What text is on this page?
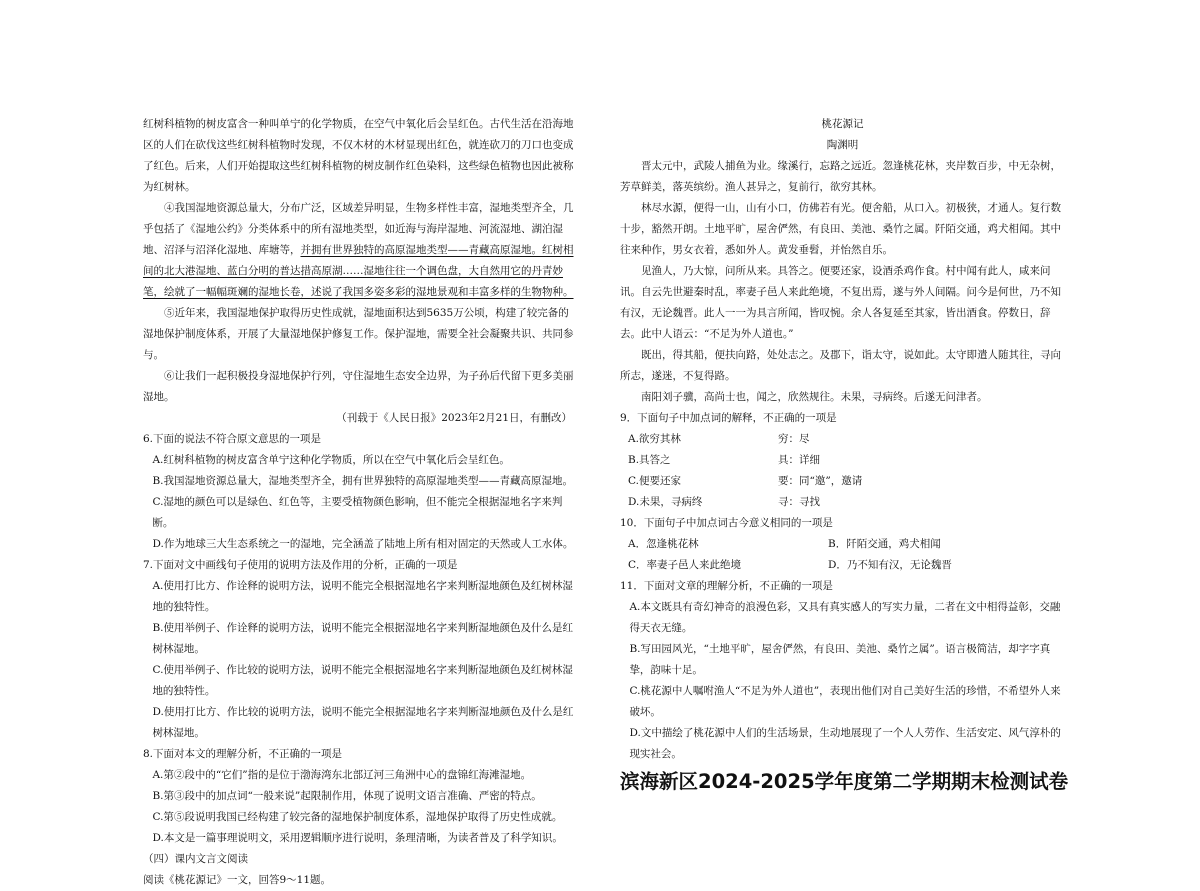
红树科植物的树皮富含一种叫单宁的化学物质，在空气中氧化后会呈红色。古代生活在沿海地区的人们在砍伐这些红树科植物时发现，不仅木材的木材显现出红色，就连砍刀的刀口也变成了红色。后来，人们开始提取这些红树科植物的树皮制作红色染料，这些绿色植物也因此被称为红树林。

④我国湿地资源总量大，分布广泛，区域差异明显，生物多样性丰富，湿地类型齐全，几乎包括了《湿地公约》分类体系中的所有湿地类型，如近海与海岸湿地、河流湿地、湖泊湿地、沼泽与沼泽化湿地、库塘等，并拥有世界独特的高原湿地类型——青藏高原湿地。红树相间的北大港湿地、蓝白分明的普达措高原湖……湿地往往一个调色盘，大自然用它的丹青妙笔，绘就了一幅幅斑斓的湿地长卷，述说了我国多姿多彩的湿地景观和丰富多样的生物物种。

⑤近年来，我国湿地保护取得历史性成就，湿地面积达到5635万公顷，构建了较完备的湿地保护制度体系，开展了大量湿地保护修复工作。保护湿地，需要全社会凝聚共识、共同参与。

⑥让我们一起积极投身湿地保护行列，守住湿地生态安全边界，为子孙后代留下更多美丽湿地。

（刊载于《人民日报》2023年2月21日，有删改）

6.下面的说法不符合原文意思的一项是

A.红树科植物的树皮富含单宁这种化学物质，所以在空气中氧化后会呈红色。

B.我国湿地资源总量大，湿地类型齐全，拥有世界独特的高原湿地类型——青藏高原湿地。

C.湿地的颜色可以是绿色、红色等，主要受植物颜色影响，但不能完全根据湿地名字来判断。

D.作为地球三大生态系统之一的湿地，完全涵盖了陆地上所有相对固定的天然或人工水体。

7.下面对文中画线句子使用的说明方法及作用的分析，正确的一项是

A.使用打比方、作诠释的说明方法，说明不能完全根据湿地名字来判断湿地颜色及红树林湿地的独特性。

B.使用举例子、作诠释的说明方法，说明不能完全根据湿地名字来判断湿地颜色及什么是红树林湿地。

C.使用举例子、作比较的说明方法，说明不能完全根据湿地名字来判断湿地颜色及红树林湿地的独特性。

D.使用打比方、作比较的说明方法，说明不能完全根据湿地名字来判断湿地颜色及什么是红树林湿地。

8.下面对本文的理解分析，不正确的一项是

A.第②段中的“它们”指的是位于渤海湾东北部辽河三角洲中心的盘锦红海滩湿地。

B.第③段中的加点词“一般来说”起限制作用，体现了说明文语言准确、严密的特点。

C.第⑤段说明我国已经构建了较完备的湿地保护制度体系，湿地保护取得了历史性成就。

D.本文是一篇事理说明文，采用逻辑顺序进行说明，条理清晰，为读者普及了科学知识。

（四）课内文言文阅读

阅读《桃花源记》一文，回答9～11题。

桃花源记

陶渊明

晋太元中，武陵人捕鱼为业。缘溪行，忘路之远近。忽逢桃花林，夹岸数百步，中无杂树，芳草鲜美，落英缤纷。渔人甚异之，复前行，欲穷其林。

林尽水源，便得一山，山有小口，仿佛若有光。便舍船，从口入。初极狭，才通人。复行数十步，豁然开朗。土地平旷，屋舍俨然，有良田、美池、桑竹之属。阡陌交通，鸡犬相闻。其中往来种作，男女衣着，悉如外人。黄发垂髫，并怡然自乐。

见渔人，乃大惊，问所从来。具答之。便要还家，设酒杀鸡作食。村中闻有此人，咸来问讯。自云先世避秦时乱，率妻子邑人来此绝境，不复出焉，遂与外人间隔。问今是何世，乃不知有汉，无论魏晋。此人一一为具言所闻，皆叹惋。余人各复延至其家，皆出酒食。停数日，辞去。此中人语云：“不足为外人道也。”

既出，得其船，便扶向路，处处志之。及郡下，诣太守，说如此。太守即遣人随其往，寻向所志，遂迷，不复得路。

南阳刘子骥，高尚士也，闻之，欣然规往。未果，寻病终。后遂无问津者。

9．下面句子中加点词的解释，不正确的一项是

A.欲穷其林	穷：尽
B.具答之	具：详细
C.便要还家	要：同“邀”，邀请
D.未果，寻病终	寻：寻找

10．下面句子中加点词古今意义相同的一项是

A．忽逢桃花林	B．阡陌交通，鸡犬相闻
C．率妻子邑人来此绝境	D．乃不知有汉，无论魏晋

11．下面对文章的理解分析，不正确的一项是

A.本文既具有奇幻神奇的浪漫色彩，又具有真实感人的写实力量，二者在文中相得益彰，交融得天衣无缝。

B.写田园风光，“土地平旷，屋舍俨然，有良田、美池、桑竹之属”。语言极简洁，却字字真挚，韵味十足。

C.桃花源中人嘱咐渔人“不足为外人道也”，表现出他们对自己美好生活的珍惜，不希望外人来破坏。

D.文中描绘了桃花源中人们的生活场景，生动地展现了一个人人劳作、生活安定、风气淳朴的现实社会。

滨海新区2024-2025学年度第二学期期末检测试卷
